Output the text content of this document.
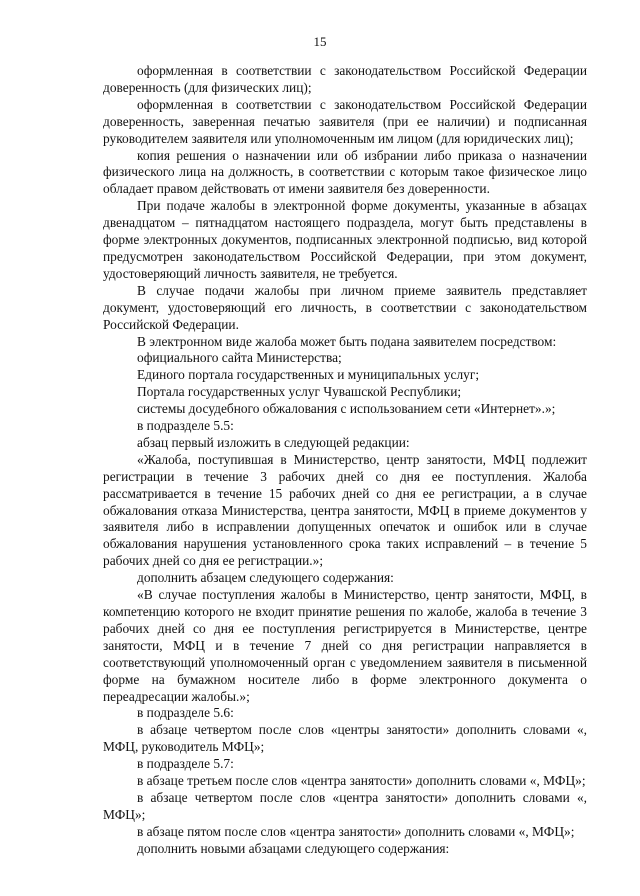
15

оформленная в соответствии с законодательством Российской Федерации доверенность (для физических лиц);

оформленная в соответствии с законодательством Российской Федерации доверенность, заверенная печатью заявителя (при ее наличии) и подписанная руководителем заявителя или уполномоченным им лицом (для юридических лиц);

копия решения о назначении или об избрании либо приказа о назначении физического лица на должность, в соответствии с которым такое физическое лицо обладает правом действовать от имени заявителя без доверенности.

При подаче жалобы в электронной форме документы, указанные в абзацах двенадцатом – пятнадцатом настоящего подраздела, могут быть представлены в форме электронных документов, подписанных электронной подписью, вид которой предусмотрен законодательством Российской Федерации, при этом документ, удостоверяющий личность заявителя, не требуется.

В случае подачи жалобы при личном приеме заявитель представляет документ, удостоверяющий его личность, в соответствии с законодательством Российской Федерации.

В электронном виде жалоба может быть подана заявителем посредством:

официального сайта Министерства;

Единого портала государственных и муниципальных услуг;

Портала государственных услуг Чувашской Республики;

системы досудебного обжалования с использованием сети «Интернет».»;

в подразделе 5.5:

абзац первый изложить в следующей редакции:

«Жалоба, поступившая в Министерство, центр занятости, МФЦ подлежит регистрации в течение 3 рабочих дней со дня ее поступления. Жалоба рассматривается в течение 15 рабочих дней со дня ее регистрации, а в случае обжалования отказа Министерства, центра занятости, МФЦ в приеме документов у заявителя либо в исправлении допущенных опечаток и ошибок или в случае обжалования нарушения установленного срока таких исправлений – в течение 5 рабочих дней со дня ее регистрации.»;

дополнить абзацем следующего содержания:

«В случае поступления жалобы в Министерство, центр занятости, МФЦ, в компетенцию которого не входит принятие решения по жалобе, жалоба в течение 3 рабочих дней со дня ее поступления регистрируется в Министерстве, центре занятости, МФЦ и в течение 7 дней со дня регистрации направляется в соответствующий уполномоченный орган с уведомлением заявителя в письменной форме на бумажном носителе либо в форме электронного документа о переадресации жалобы.»;

в подразделе 5.6:

в абзаце четвертом после слов «центры занятости» дополнить словами «, МФЦ, руководитель МФЦ»;

в подразделе 5.7:

в абзаце третьем после слов «центра занятости» дополнить словами «, МФЦ»;

в абзаце четвертом после слов «центра занятости» дополнить словами «, МФЦ»;

в абзаце пятом после слов «центра занятости» дополнить словами «, МФЦ»;

дополнить новыми абзацами следующего содержания:
